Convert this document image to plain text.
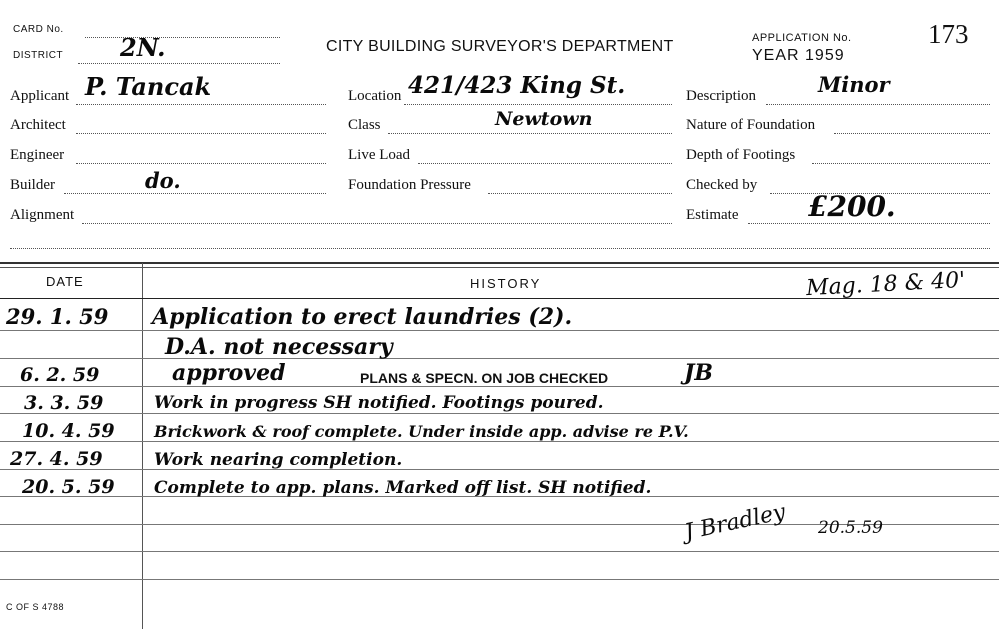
CARD No.
DISTRICT 2N.	CITY BUILDING SURVEYOR'S DEPARTMENT	APPLICATION No.
YEAR 1959
173
Applicant P. Tancak
Architect
Engineer
Builder	do.
Alignment
Location 421/423 King St.
Class	Newtown
Live Load
Foundation Pressure
Description	Minor
Nature of Foundation
Depth of Footings
Checked by
Estimate £200.
DATE	HISTORY	Mag. 18 & 40'
29. 1. 59 Application to erect laundries (2).
D.A. not necessary
6. 2. 59	approved	PLANS & SPECN. ON JOB CHECKED	JB
3. 3. 59	Work in progress SH notified. Footings poured.
10. 4. 59 Brickwork & roof complete. Under inside app. advise re P.V.
27. 4. 59	Work nearing completion.
20. 5. 59 Complete to app. plans. Marked off list. SH notified.
J Bradley 20.5.59
C OF S 4788
